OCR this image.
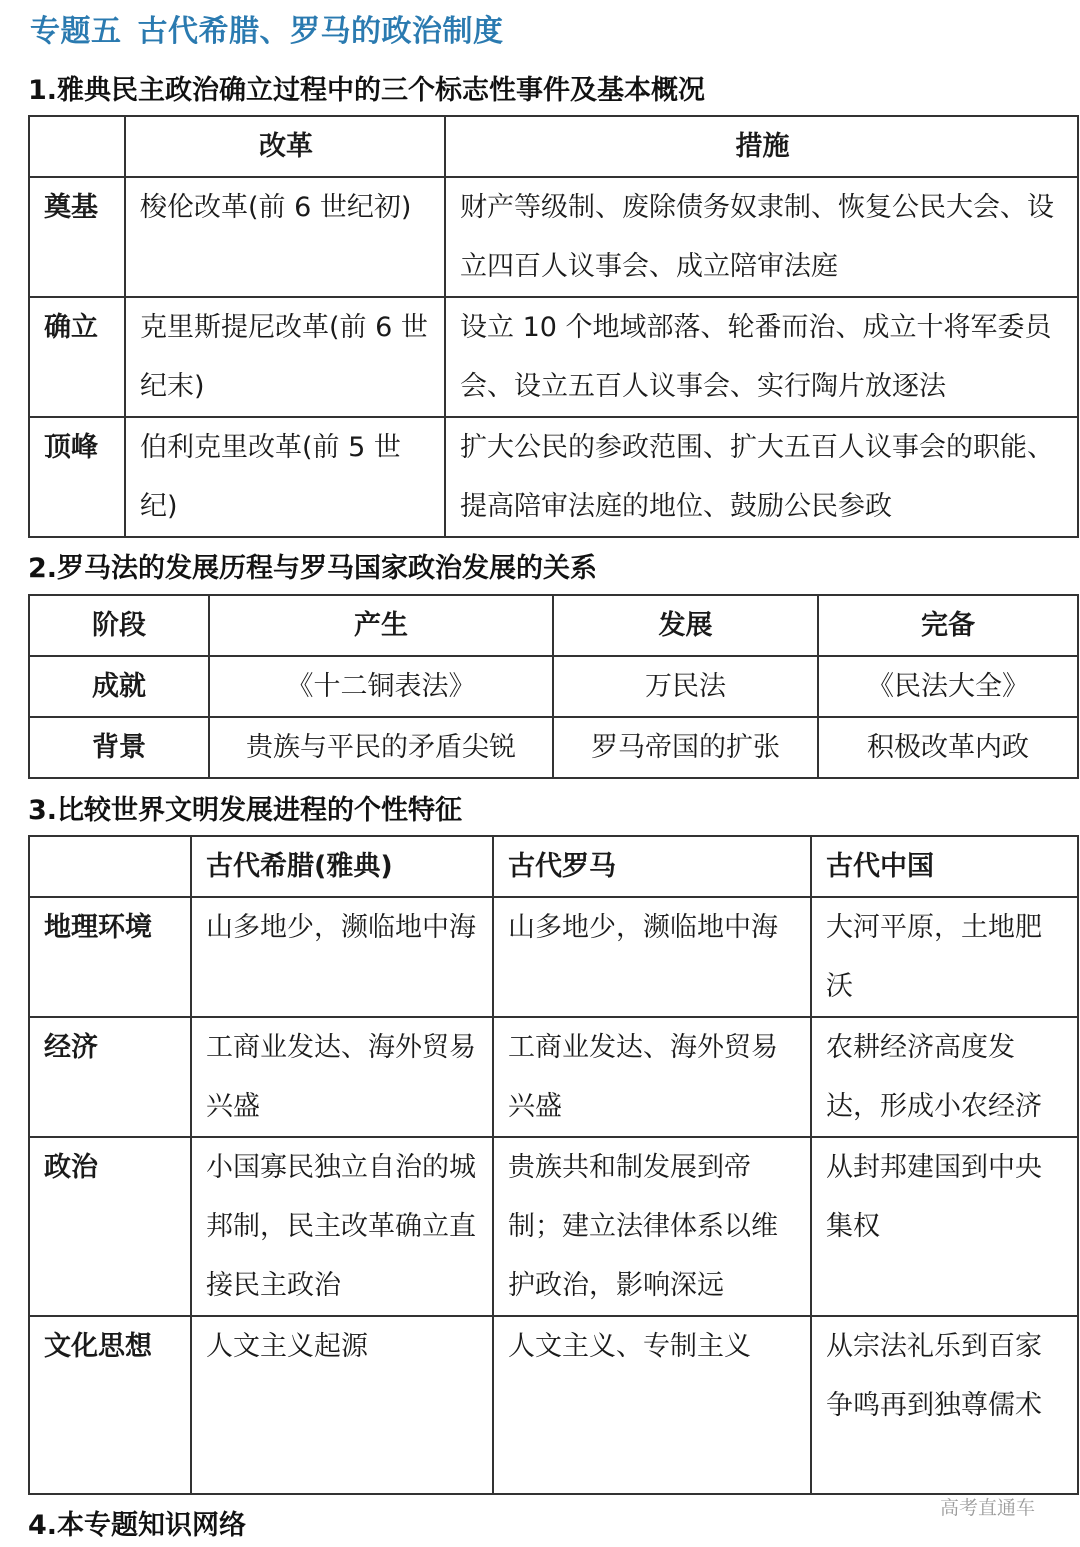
专题五 古代希腊、罗马的政治制度
1.雅典民主政治确立过程中的三个标志性事件及基本概况
	改革	措施
奠基	梭伦改革(前 6 世纪初)	财产等级制、废除债务奴隶制、恢复公民大会、设立四百人议事会、成立陪审法庭
确立	克里斯提尼改革(前 6 世纪末)	设立 10 个地域部落、轮番而治、成立十将军委员会、设立五百人议事会、实行陶片放逐法
顶峰	伯利克里改革(前 5 世纪)	扩大公民的参政范围、扩大五百人议事会的职能、提高陪审法庭的地位、鼓励公民参政
2.罗马法的发展历程与罗马国家政治发展的关系
阶段	产生	发展	完备
成就	《十二铜表法》	万民法	《民法大全》
背景	贵族与平民的矛盾尖锐	罗马帝国的扩张	积极改革内政
3.比较世界文明发展进程的个性特征
	古代希腊(雅典)	古代罗马	古代中国
地理环境	山多地少，濒临地中海	山多地少，濒临地中海	大河平原，土地肥沃
经济	工商业发达、海外贸易兴盛	工商业发达、海外贸易兴盛	农耕经济高度发达，形成小农经济
政治	小国寡民独立自治的城邦制，民主改革确立直接民主政治	贵族共和制发展到帝制；建立法律体系以维护政治，影响深远	从封邦建国到中央集权
文化思想	人文主义起源	人文主义、专制主义	从宗法礼乐到百家争鸣再到独尊儒术
高考直通车
4.本专题知识网络
